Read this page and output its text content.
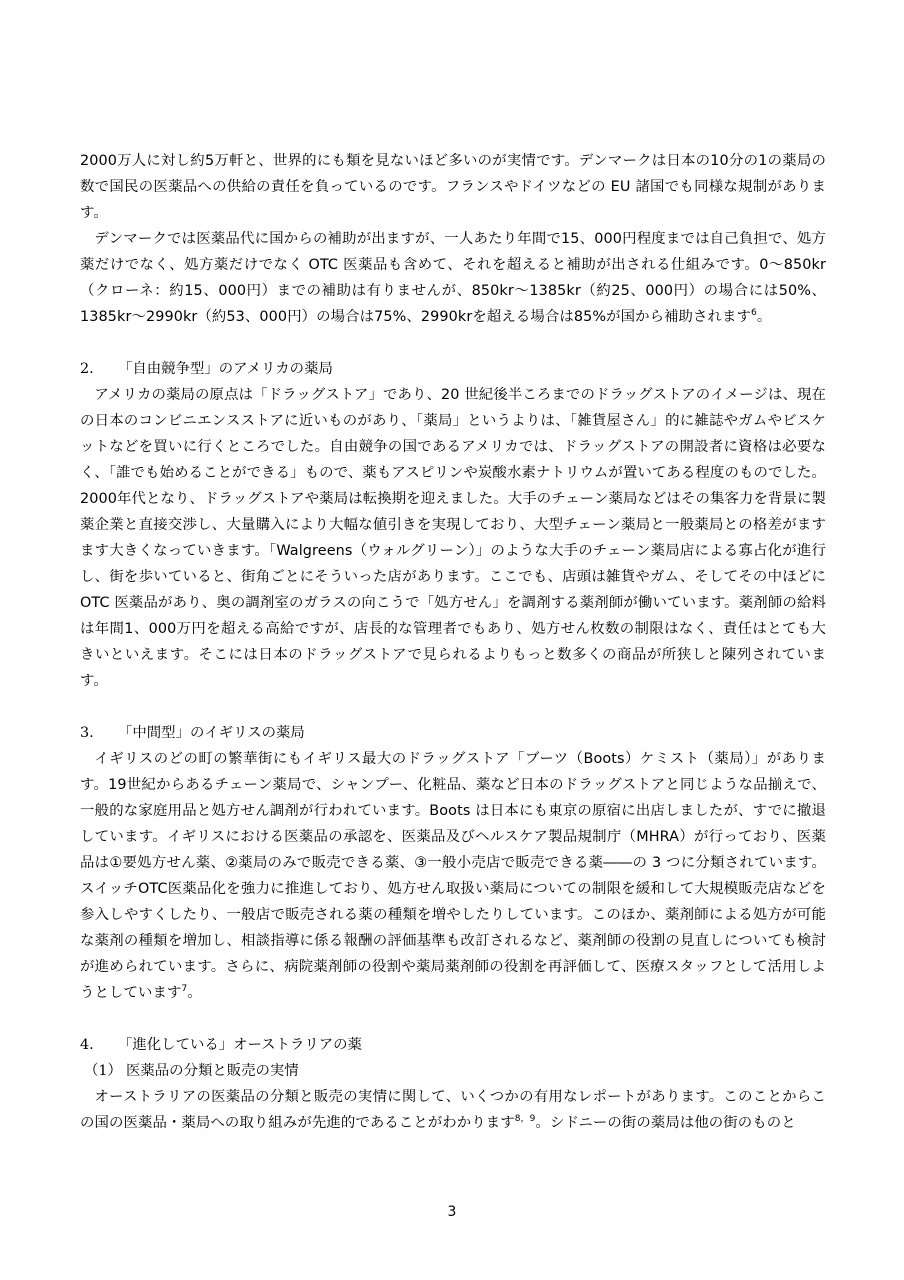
2000万人に対し約5万軒と、世界的にも類を見ないほど多いのが実情です。デンマークは日本の10分の1の薬局の数で国民の医薬品への供給の責任を負っているのです。フランスやドイツなどの EU 諸国でも同様な規制があります。

デンマークでは医薬品代に国からの補助が出ますが、一人あたり年間で15、000円程度までは自己負担で、処方薬だけでなく、処方薬だけでなく OTC 医薬品も含めて、それを超えると補助が出される仕組みです。0～850kr（クローネ：約15、000円）までの補助は有りませんが、850kr～1385kr（約25、000円）の場合には50%、1385kr～2990kr（約53、000円）の場合は75%、2990krを超える場合は85%が国から補助されます$^6$。

2. 「自由競争型」のアメリカの薬局

アメリカの薬局の原点は「ドラッグストア」であり、20 世紀後半ころまでのドラッグストアのイメージは、現在の日本のコンビニエンスストアに近いものがあり、「薬局」というよりは、「雑貨屋さん」的に雑誌やガムやビスケットなどを買いに行くところでした。自由競争の国であるアメリカでは、ドラッグストアの開設者に資格は必要なく、「誰でも始めることができる」もので、薬もアスピリンや炭酸水素ナトリウムが置いてある程度のものでした。2000年代となり、ドラッグストアや薬局は転換期を迎えました。大手のチェーン薬局などはその集客力を背景に製薬企業と直接交渉し、大量購入により大幅な値引きを実現しており、大型チェーン薬局と一般薬局との格差がますます大きくなっていきます。「Walgreens（ウォルグリーン）」のような大手のチェーン薬局店による寡占化が進行し、街を歩いていると、街角ごとにそういった店があります。ここでも、店頭は雑貨やガム、そしてその中ほどにOTC 医薬品があり、奥の調剤室のガラスの向こうで「処方せん」を調剤する薬剤師が働いています。薬剤師の給料は年間1、000万円を超える高給ですが、店長的な管理者でもあり、処方せん枚数の制限はなく、責任はとても大きいといえます。そこには日本のドラッグストアで見られるよりもっと数多くの商品が所狭しと陳列されています。

3. 「中間型」のイギリスの薬局

イギリスのどの町の繁華街にもイギリス最大のドラッグストア「ブーツ（Boots）ケミスト（薬局）」があります。19世紀からあるチェーン薬局で、シャンプー、化粧品、薬など日本のドラッグストアと同じような品揃えで、一般的な家庭用品と処方せん調剤が行われています。Boots は日本にも東京の原宿に出店しましたが、すでに撤退しています。イギリスにおける医薬品の承認を、医薬品及びヘルスケア製品規制庁（MHRA）が行っており、医薬品は①要処方せん薬、②薬局のみで販売できる薬、③一般小売店で販売できる薬――の 3 つに分類されています。スイッチOTC医薬品化を強力に推進しており、処方せん取扱い薬局についての制限を緩和して大規模販売店などを参入しやすくしたり、一般店で販売される薬の種類を増やしたりしています。このほか、薬剤師による処方が可能な薬剤の種類を増加し、相談指導に係る報酬の評価基準も改訂されるなど、薬剤師の役割の見直しについても検討が進められています。さらに、病院薬剤師の役割や薬局薬剤師の役割を再評価して、医療スタッフとして活用しようとしています$^7$。

4. 「進化している」オーストラリアの薬
（1） 医薬品の分類と販売の実情

オーストラリアの医薬品の分類と販売の実情に関して、いくつかの有用なレポートがあります。このことからこの国の医薬品・薬局への取り組みが先進的であることがわかります$^{8,9}$。シドニーの街の薬局は他の街のものと

3
